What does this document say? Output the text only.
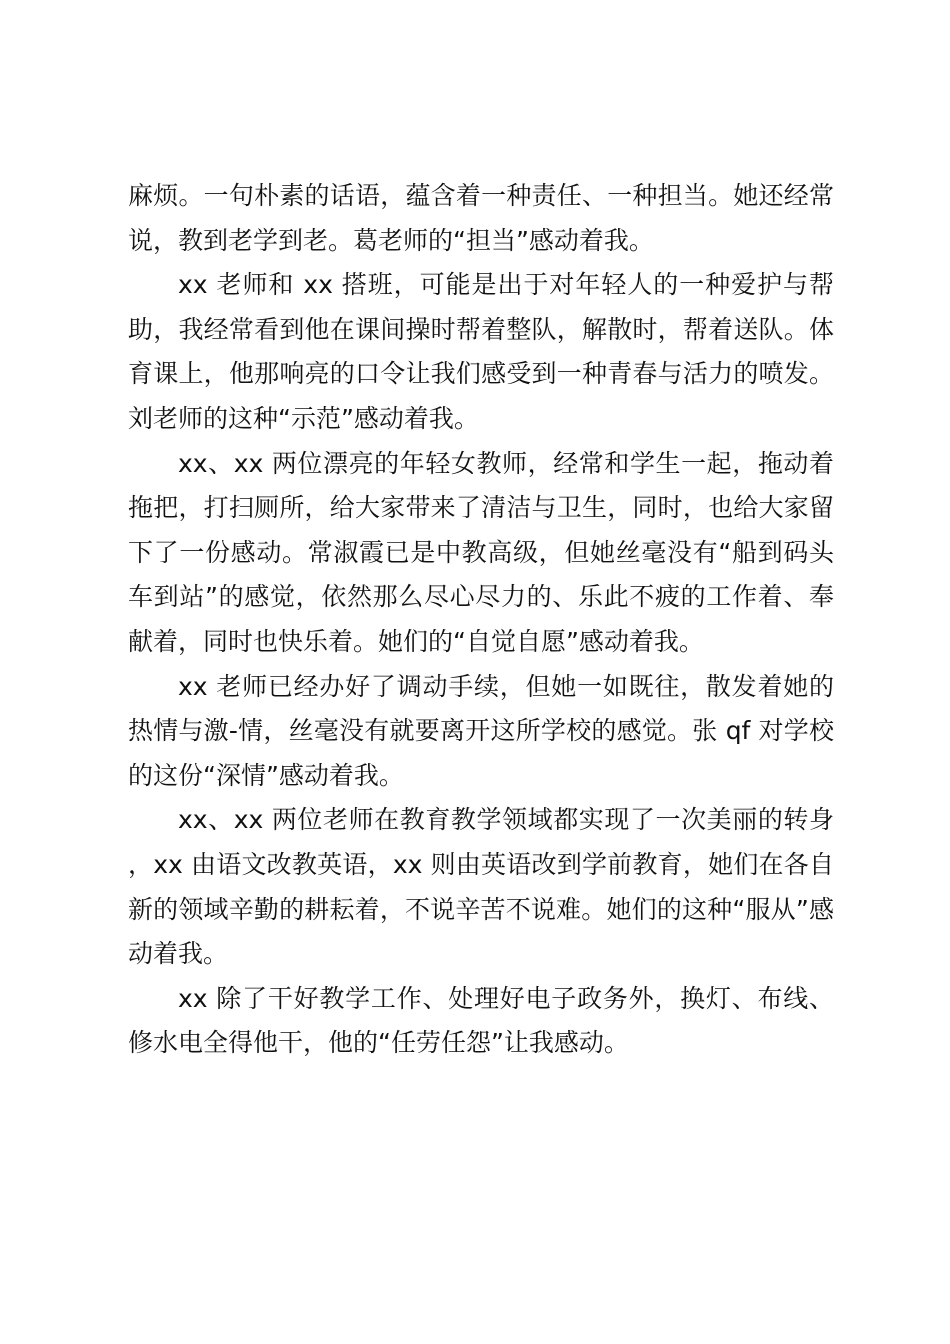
麻烦。一句朴素的话语，蕴含着一种责任、一种担当。她还经常说，教到老学到老。葛老师的“担当”感动着我。

xx 老师和 xx 搭班，可能是出于对年轻人的一种爱护与帮助，我经常看到他在课间操时帮着整队，解散时，帮着送队。体育课上，他那响亮的口令让我们感受到一种青春与活力的喷发。刘老师的这种“示范”感动着我。

xx、xx 两位漂亮的年轻女教师，经常和学生一起，拖动着拖把，打扫厕所，给大家带来了清洁与卫生，同时，也给大家留下了一份感动。常淑霞已是中教高级，但她丝毫没有“船到码头车到站”的感觉，依然那么尽心尽力的、乐此不疲的工作着、奉献着，同时也快乐着。她们的“自觉自愿”感动着我。

xx 老师已经办好了调动手续，但她一如既往，散发着她的热情与激-情，丝毫没有就要离开这所学校的感觉。张 qf 对学校的这份“深情”感动着我。

xx、xx 两位老师在教育教学领域都实现了一次美丽的转身，xx 由语文改教英语，xx 则由英语改到学前教育，她们在各自新的领域辛勤的耕耘着，不说辛苦不说难。她们的这种“服从”感动着我。

xx 除了干好教学工作、处理好电子政务外，换灯、布线、修水电全得他干，他的“任劳任怨”让我感动。
